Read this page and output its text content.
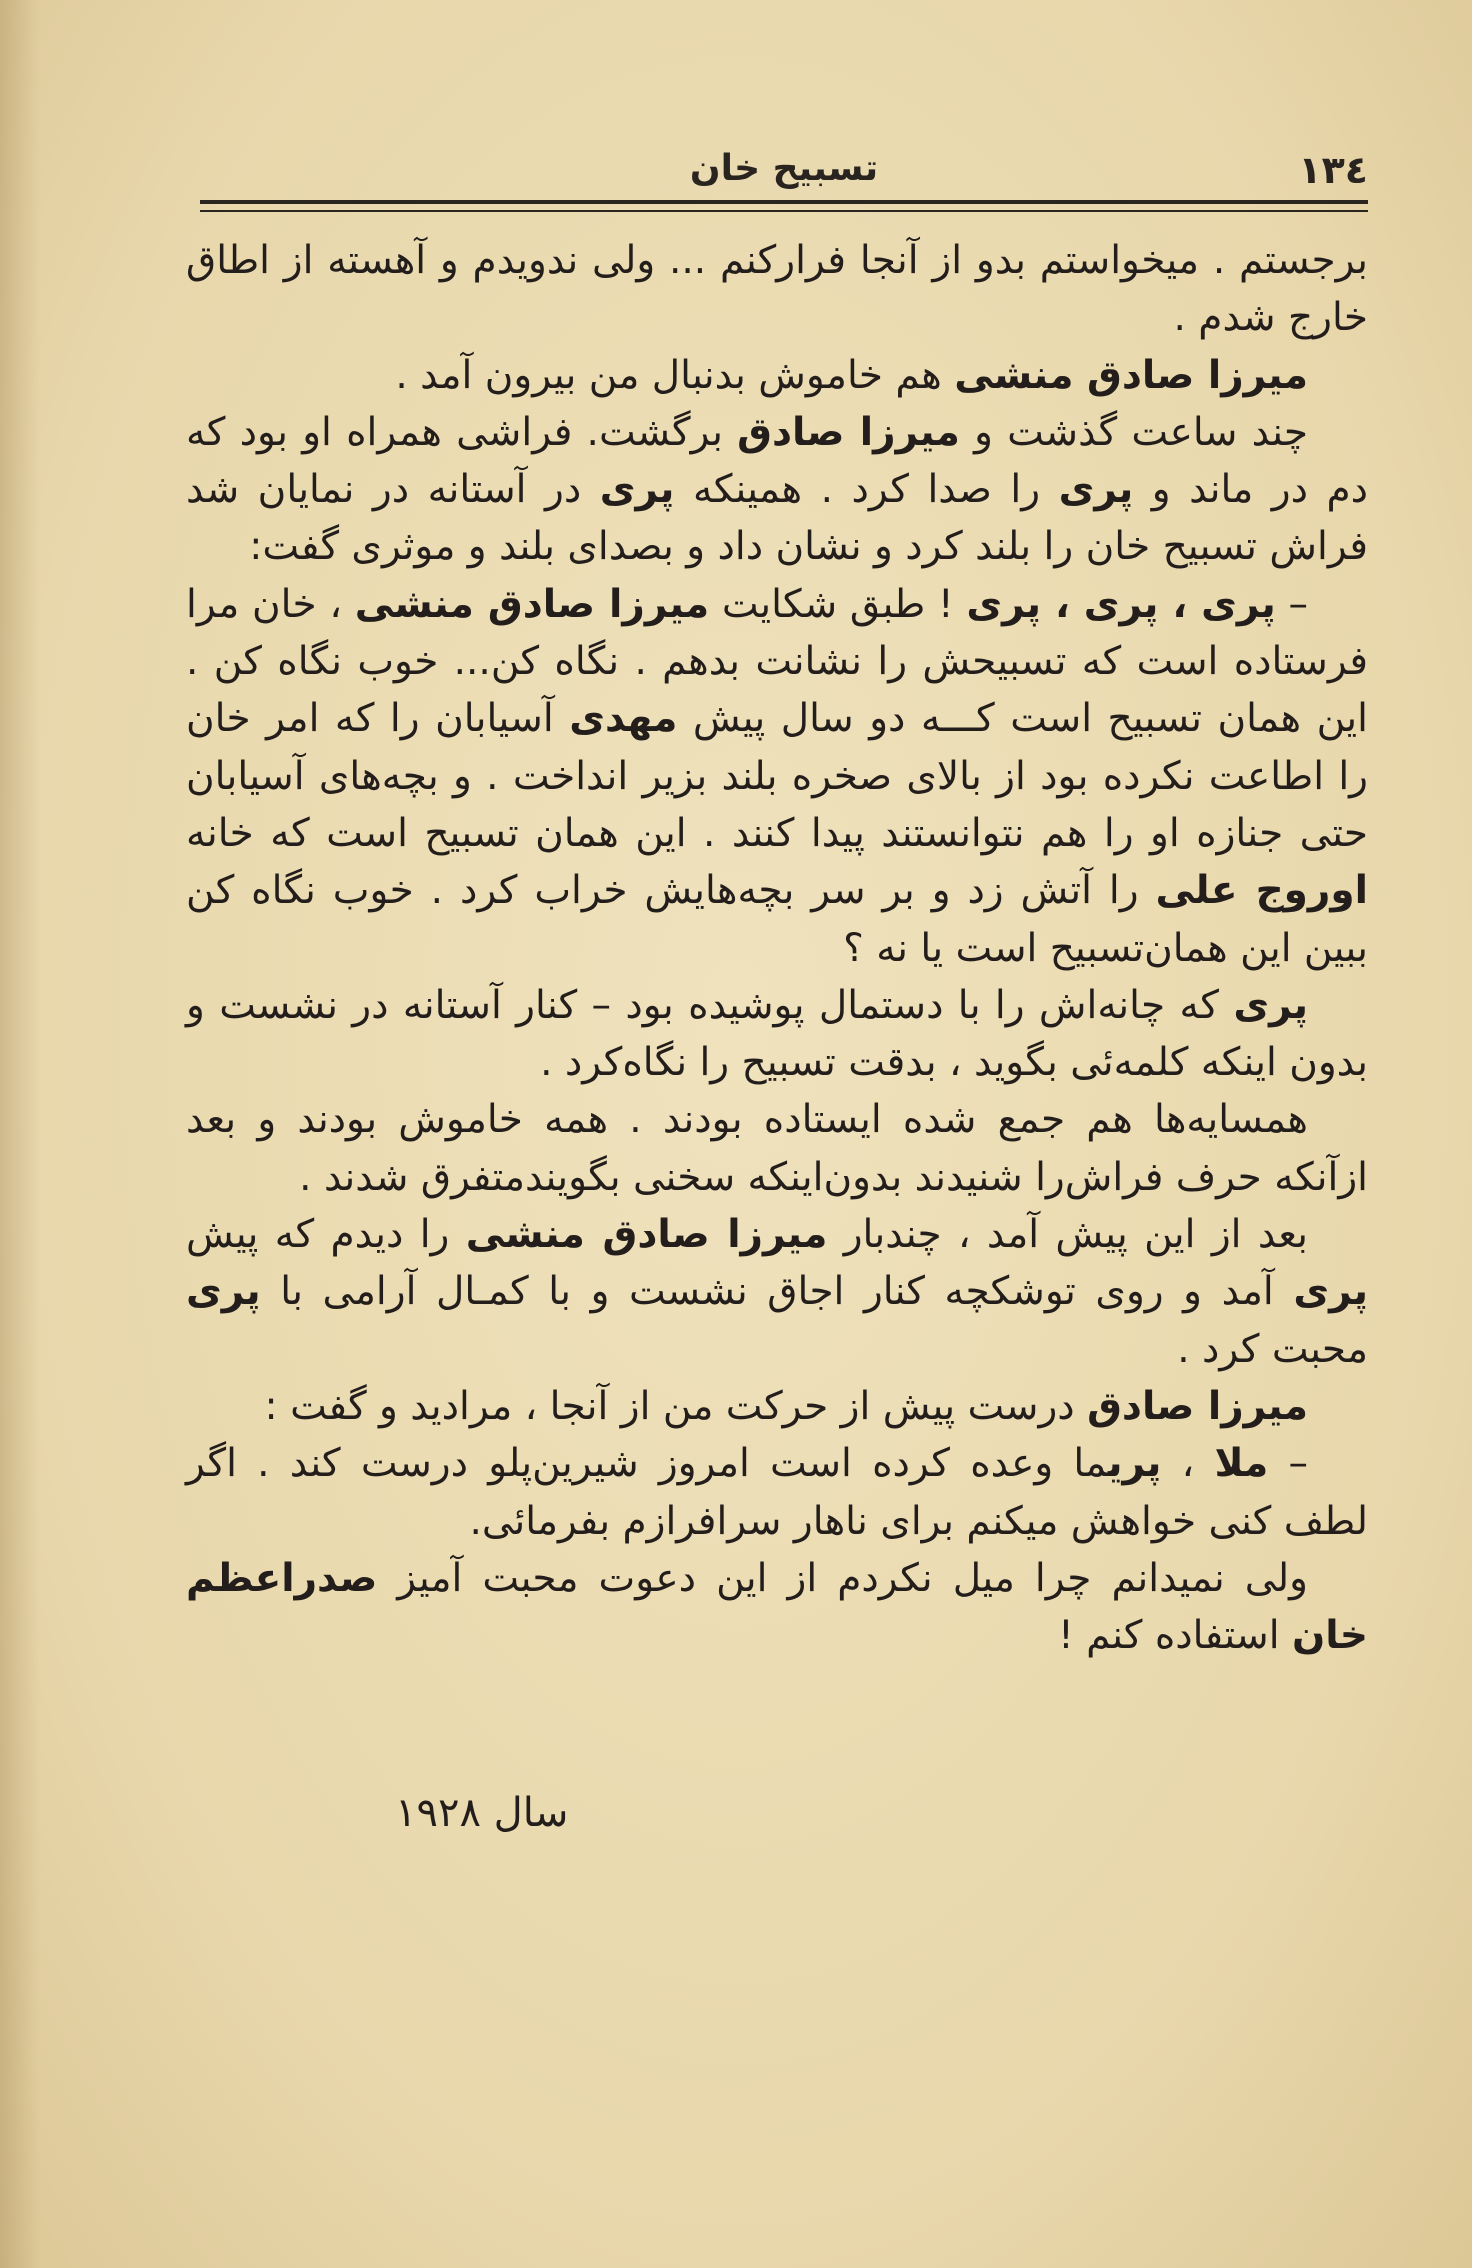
١٣٤
تسبیح خان

برجستم . میخواستم بدو از آنجا فرارکنم ... ولی ندویدم و آهسته از اطاق خارج شدم .

میرزا صادق منشی هم خاموش بدنبال من بیرون آمد .

چند ساعت گذشت و میرزا صادق برگشت. فراشی همراه او بود که دم در ماند و پری را صدا کرد . همینکه پری در آستانه در نمایان شد فراش تسبیح خان را بلند کرد و نشان داد و بصدای بلند و موثری گفت:

– پری ، پری ، پری ! طبق شکایت میرزا صادق منشی ، خان مرا فرستاده است که تسبیحش را نشانت بدهم . نگاه کن... خوب نگاه کن . این همان تسبیح است کـــه دو سال پیش مهدی آسیابان را که امر خان را اطاعت نکرده بود از بالای صخره بلند بزیر انداخت . و بچه‌های آسیابان حتی جنازه او را هم نتوانستند پیدا کنند . این همان تسبیح است که خانه اوروج علی را آتش زد و بر سر بچه‌هایش خراب کرد . خوب نگاه کن ببین این همان‌تسبیح است یا نه ؟

پری که چانه‌اش را با دستمال پوشیده بود – کنار آستانه در نشست و بدون اینکه کلمه‌ئی بگوید ، بدقت تسبیح را نگاه‌کرد .

همسایه‌ها هم جمع شده ایستاده بودند . همه خاموش بودند و بعد ازآنکه حرف فراش‌را شنیدند بدون‌اینکه سخنی بگویندمتفرق شدند .

بعد از این پیش آمد ، چندبار میرزا صادق منشی را دیدم که پیش پری آمد و روی توشکچه کنار اجاق نشست و با کمـال آرامی با پری محبت کرد .

میرزا صادق درست پیش از حرکت من از آنجا ، مرادید و گفت :

– ملا ، پریما وعده کرده است امروز شیرین‌پلو درست کند . اگر لطف کنی خواهش میکنم برای ناهار سرافرازم بفرمائی.

ولی نمیدانم چرا میل نکردم از این دعوت محبت آمیز صدراعظم خان استفاده کنم !

سال ١٩٢٨
